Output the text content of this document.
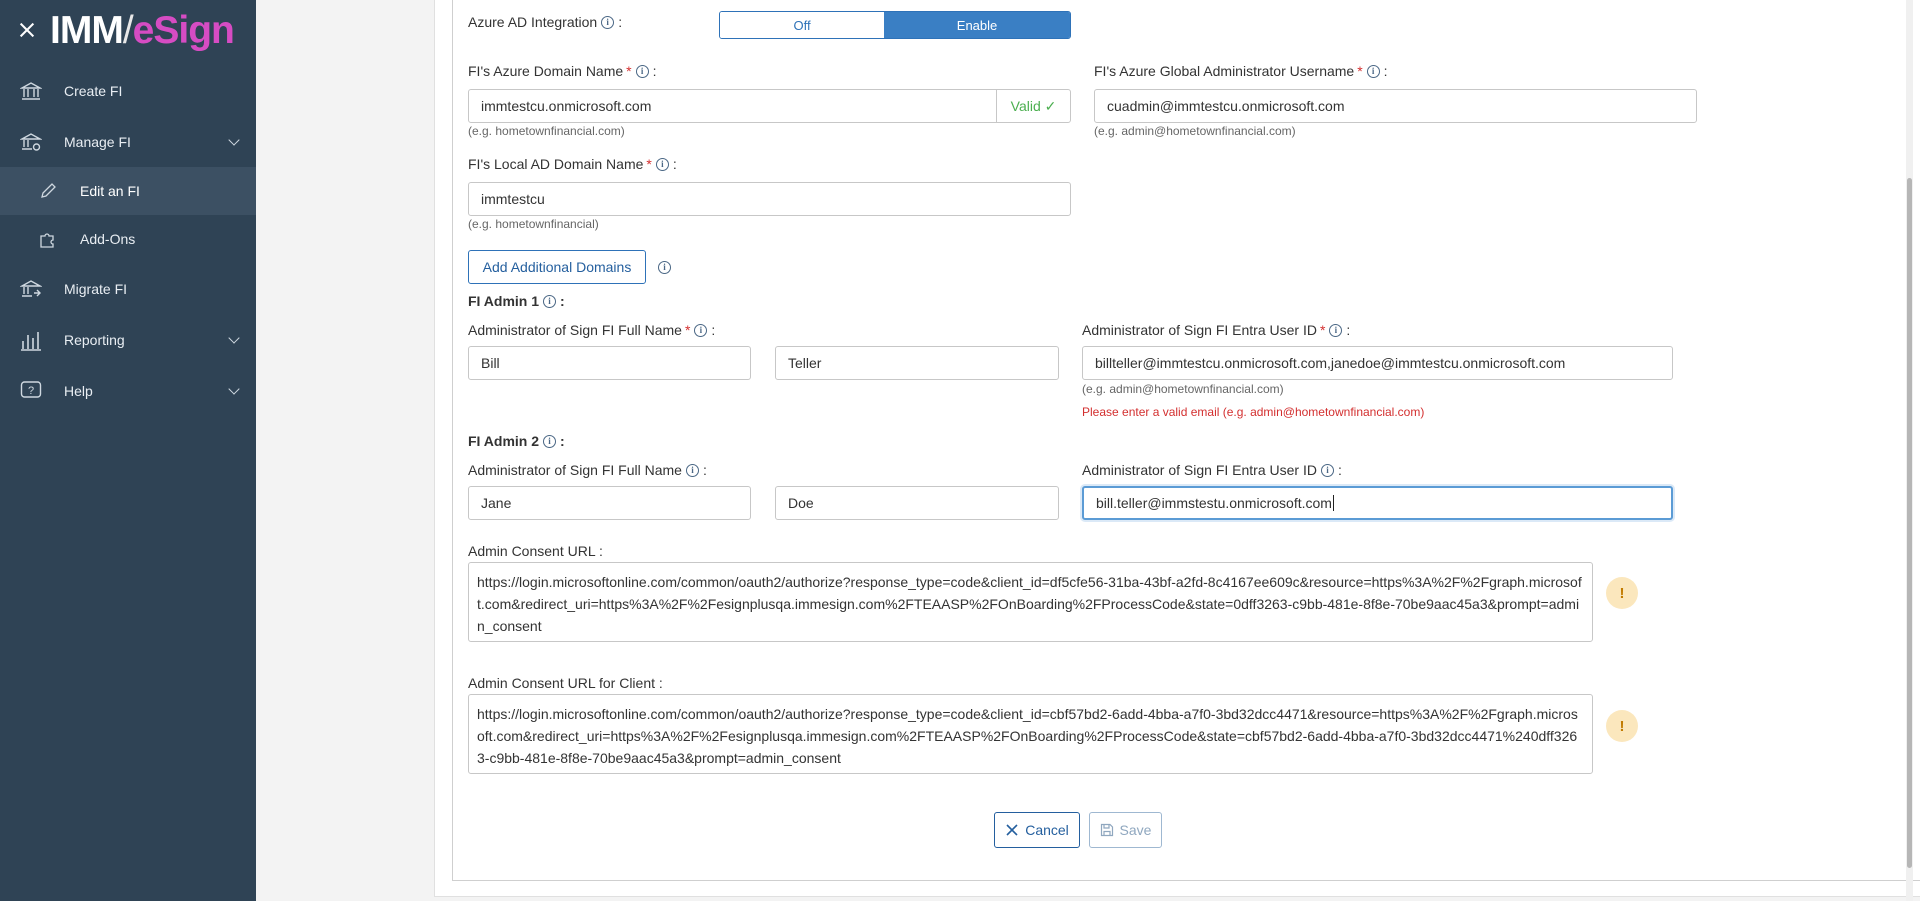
IMM/eSign
Create FI
Manage FI
Edit an FI
Add-Ons
Migrate FI
Reporting
? Help
Azure AD Integration	i :	Off	Enable
FI's Azure Domain Name *	i :
immtestcu.onmicrosoft.com	Valid ✓
(e.g. hometownfinancial.com)
FI's Azure Global Administrator Username *	i :
cuadmin@immtestcu.onmicrosoft.com
(e.g. admin@hometownfinancial.com)
FI's Local AD Domain Name *	i :
immtestcu
(e.g. hometownfinancial)
Add Additional Domains	i
FI Admin 1	i :
Administrator of Sign FI Full Name *	i :
Bill	Teller
Administrator of Sign FI Entra User ID *	i :
billteller@immtestcu.onmicrosoft.com,janedoe@immtestcu.onmicrosoft.com
(e.g. admin@hometownfinancial.com)
Please enter a valid email (e.g. admin@hometownfinancial.com)
FI Admin 2	i :
Administrator of Sign FI Full Name	i :
Jane	Doe
Administrator of Sign FI Entra User ID	i :
bill.teller@immstestu.onmicrosoft.com
Admin Consent URL :
https://login.microsoftonline.com/common/oauth2/authorize?response_type=code&client_id=df5cfe56-31ba-43bf-a2fd-8c4167ee609c&resource=https%3A%2F%2Fgraph.microsoft.com&redirect_uri=https%3A%2F%2Fesignplusqa.immesign.com%2FTEAASP%2FOnBoarding%2FProcessCode&state=0dff3263-c9bb-481e-8f8e-70be9aac45a3&prompt=admin_consent
!
Admin Consent URL for Client :
https://login.microsoftonline.com/common/oauth2/authorize?response_type=code&client_id=cbf57bd2-6add-4bba-a7f0-3bd32dcc4471&resource=https%3A%2F%2Fgraph.microsoft.com&redirect_uri=https%3A%2F%2Fesignplusqa.immesign.com%2FTEAASP%2FOnBoarding%2FProcessCode&state=cbf57bd2-6add-4bba-a7f0-3bd32dcc4471%240dff3263-c9bb-481e-8f8e-70be9aac45a3&prompt=admin_consent
!
Cancel	Save
